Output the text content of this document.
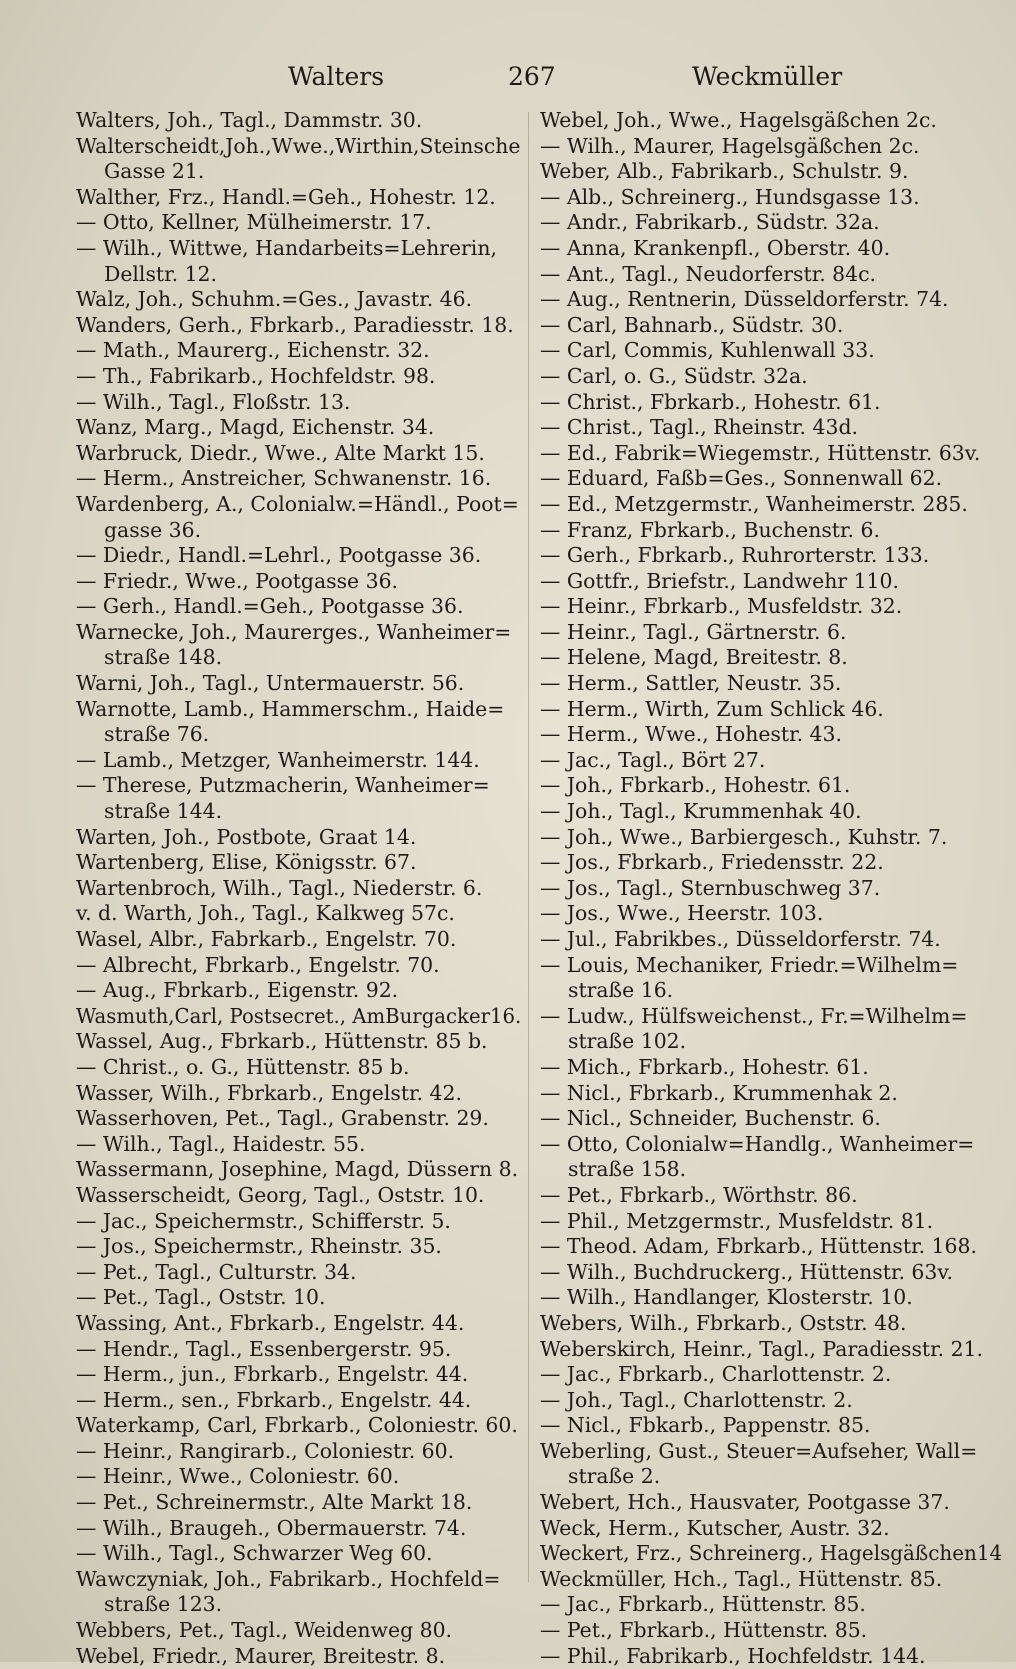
Walters	267	Weckmüller
Walters, Joh., Tagl., Dammstr. 30.
Walterscheidt,Joh.,Wwe.,Wirthin,Steinsche
Gasse 21.
Walther, Frz., Handl.=Geh., Hohestr. 12.
— Otto, Kellner, Mülheimerstr. 17.
— Wilh., Wittwe, Handarbeits=Lehrerin,
Dellstr. 12.
Walz, Joh., Schuhm.=Ges., Javastr. 46.
Wanders, Gerh., Fbrkarb., Paradiesstr. 18.
— Math., Maurerg., Eichenstr. 32.
— Th., Fabrikarb., Hochfeldstr. 98.
— Wilh., Tagl., Floßstr. 13.
Wanz, Marg., Magd, Eichenstr. 34.
Warbruck, Diedr., Wwe., Alte Markt 15.
— Herm., Anstreicher, Schwanenstr. 16.
Wardenberg, A., Colonialw.=Händl., Poot=
gasse 36.
— Diedr., Handl.=Lehrl., Pootgasse 36.
— Friedr., Wwe., Pootgasse 36.
— Gerh., Handl.=Geh., Pootgasse 36.
Warnecke, Joh., Maurerges., Wanheimer=
straße 148.
Warni, Joh., Tagl., Untermauerstr. 56.
Warnotte, Lamb., Hammerschm., Haide=
straße 76.
— Lamb., Metzger, Wanheimerstr. 144.
— Therese, Putzmacherin, Wanheimer=
straße 144.
Warten, Joh., Postbote, Graat 14.
Wartenberg, Elise, Königsstr. 67.
Wartenbroch, Wilh., Tagl., Niederstr. 6.
v. d. Warth, Joh., Tagl., Kalkweg 57c.
Wasel, Albr., Fabrkarb., Engelstr. 70.
— Albrecht, Fbrkarb., Engelstr. 70.
— Aug., Fbrkarb., Eigenstr. 92.
Wasmuth,Carl, Postsecret., AmBurgacker16.
Wassel, Aug., Fbrkarb., Hüttenstr. 85 b.
— Christ., o. G., Hüttenstr. 85 b.
Wasser, Wilh., Fbrkarb., Engelstr. 42.
Wasserhoven, Pet., Tagl., Grabenstr. 29.
— Wilh., Tagl., Haidestr. 55.
Wassermann, Josephine, Magd, Düssern 8.
Wasserscheidt, Georg, Tagl., Oststr. 10.
— Jac., Speichermstr., Schifferstr. 5.
— Jos., Speichermstr., Rheinstr. 35.
— Pet., Tagl., Culturstr. 34.
— Pet., Tagl., Oststr. 10.
Wassing, Ant., Fbrkarb., Engelstr. 44.
— Hendr., Tagl., Essenbergerstr. 95.
— Herm., jun., Fbrkarb., Engelstr. 44.
— Herm., sen., Fbrkarb., Engelstr. 44.
Waterkamp, Carl, Fbrkarb., Coloniestr. 60.
— Heinr., Rangirarb., Coloniestr. 60.
— Heinr., Wwe., Coloniestr. 60.
— Pet., Schreinermstr., Alte Markt 18.
— Wilh., Braugeh., Obermauerstr. 74.
— Wilh., Tagl., Schwarzer Weg 60.
Wawczyniak, Joh., Fabrikarb., Hochfeld=
straße 123.
Webbers, Pet., Tagl., Weidenweg 80.
Webel, Friedr., Maurer, Breitestr. 8.
Webel, Joh., Wwe., Hagelsgäßchen 2c.
— Wilh., Maurer, Hagelsgäßchen 2c.
Weber, Alb., Fabrikarb., Schulstr. 9.
— Alb., Schreinerg., Hundsgasse 13.
— Andr., Fabrikarb., Südstr. 32a.
— Anna, Krankenpfl., Oberstr. 40.
— Ant., Tagl., Neudorferstr. 84c.
— Aug., Rentnerin, Düsseldorferstr. 74.
— Carl, Bahnarb., Südstr. 30.
— Carl, Commis, Kuhlenwall 33.
— Carl, o. G., Südstr. 32a.
— Christ., Fbrkarb., Hohestr. 61.
— Christ., Tagl., Rheinstr. 43d.
— Ed., Fabrik=Wiegemstr., Hüttenstr. 63v.
— Eduard, Faßb=Ges., Sonnenwall 62.
— Ed., Metzgermstr., Wanheimerstr. 285.
— Franz, Fbrkarb., Buchenstr. 6.
— Gerh., Fbrkarb., Ruhrorterstr. 133.
— Gottfr., Briefstr., Landwehr 110.
— Heinr., Fbrkarb., Musfeldstr. 32.
— Heinr., Tagl., Gärtnerstr. 6.
— Helene, Magd, Breitestr. 8.
— Herm., Sattler, Neustr. 35.
— Herm., Wirth, Zum Schlick 46.
— Herm., Wwe., Hohestr. 43.
— Jac., Tagl., Bört 27.
— Joh., Fbrkarb., Hohestr. 61.
— Joh., Tagl., Krummenhak 40.
— Joh., Wwe., Barbiergesch., Kuhstr. 7.
— Jos., Fbrkarb., Friedensstr. 22.
— Jos., Tagl., Sternbuschweg 37.
— Jos., Wwe., Heerstr. 103.
— Jul., Fabrikbes., Düsseldorferstr. 74.
— Louis, Mechaniker, Friedr.=Wilhelm=
straße 16.
— Ludw., Hülfsweichenst., Fr.=Wilhelm=
straße 102.
— Mich., Fbrkarb., Hohestr. 61.
— Nicl., Fbrkarb., Krummenhak 2.
— Nicl., Schneider, Buchenstr. 6.
— Otto, Colonialw=Handlg., Wanheimer=
straße 158.
— Pet., Fbrkarb., Wörthstr. 86.
— Phil., Metzgermstr., Musfeldstr. 81.
— Theod. Adam, Fbrkarb., Hüttenstr. 168.
— Wilh., Buchdruckerg., Hüttenstr. 63v.
— Wilh., Handlanger, Klosterstr. 10.
Webers, Wilh., Fbrkarb., Oststr. 48.
Weberskirch, Heinr., Tagl., Paradiesstr. 21.
— Jac., Fbrkarb., Charlottenstr. 2.
— Joh., Tagl., Charlottenstr. 2.
— Nicl., Fbkarb., Pappenstr. 85.
Weberling, Gust., Steuer=Aufseher, Wall=
straße 2.
Webert, Hch., Hausvater, Pootgasse 37.
Weck, Herm., Kutscher, Austr. 32.
Weckert, Frz., Schreinerg., Hagelsgäßchen14
Weckmüller, Hch., Tagl., Hüttenstr. 85.
— Jac., Fbrkarb., Hüttenstr. 85.
— Pet., Fbrkarb., Hüttenstr. 85.
— Phil., Fabrikarb., Hochfeldstr. 144.
